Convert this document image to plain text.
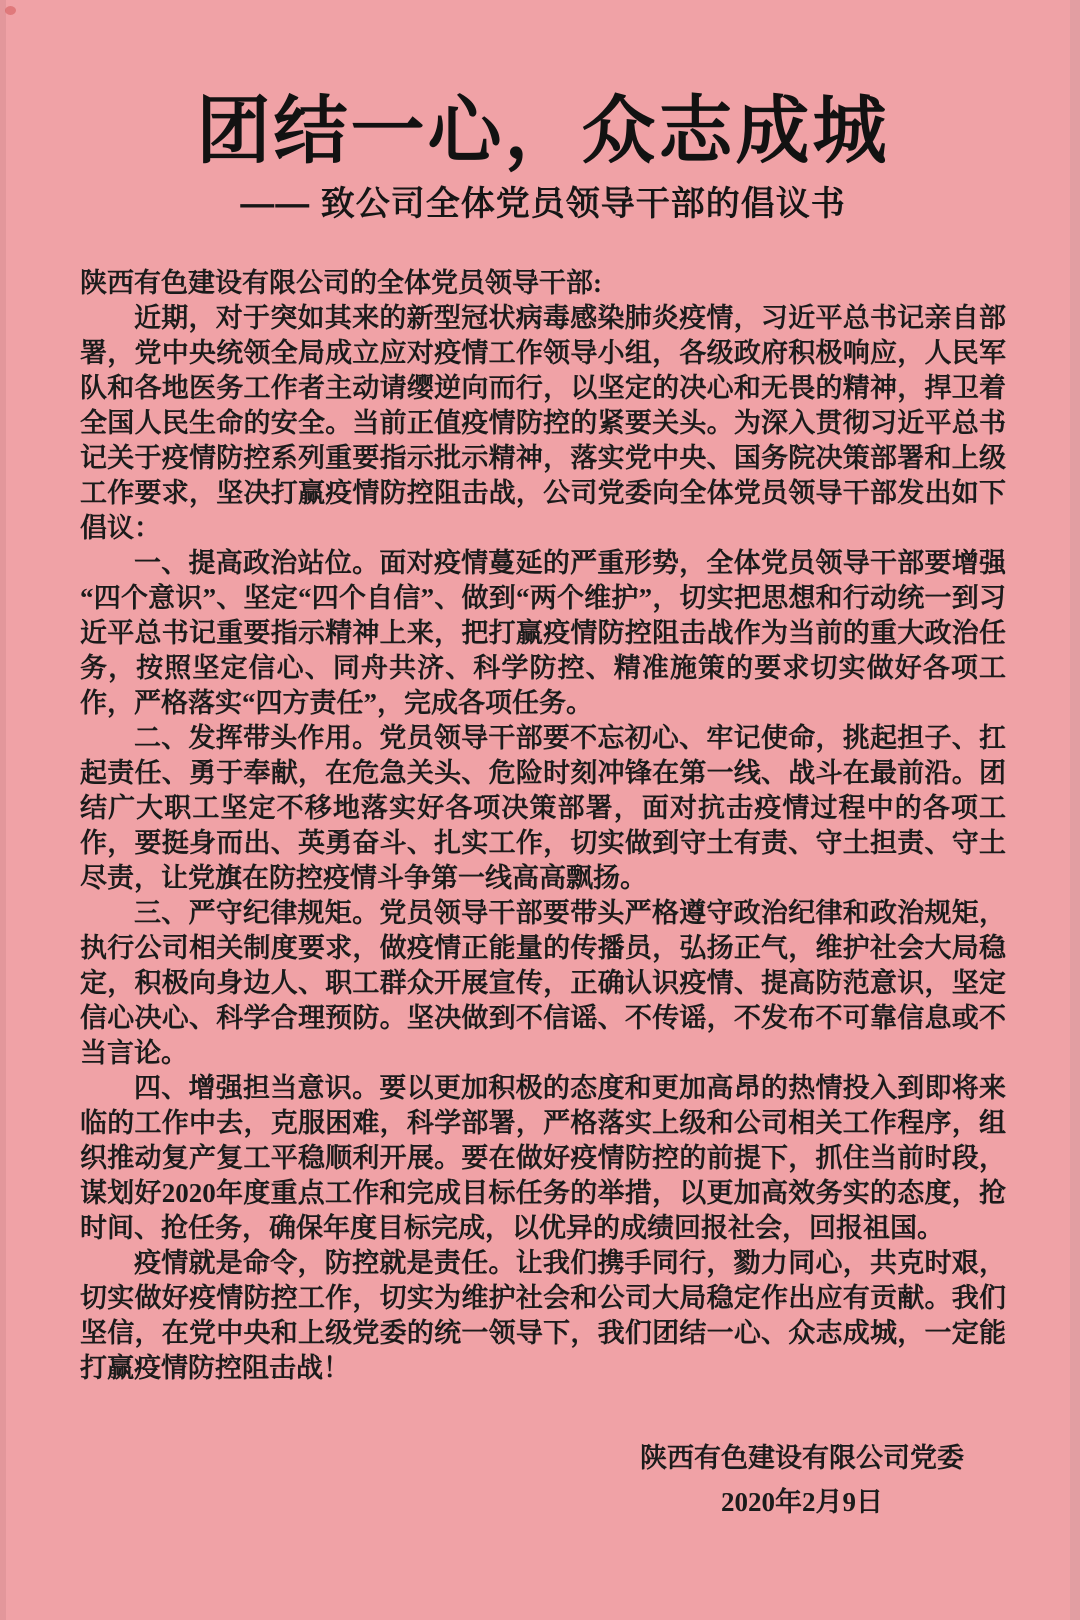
团结一心，众志成城
—— 致公司全体党员领导干部的倡议书

陕西有色建设有限公司的全体党员领导干部:

近期，对于突如其来的新型冠状病毒感染肺炎疫情，习近平总书记亲自部署，党中央统领全局成立应对疫情工作领导小组，各级政府积极响应，人民军队和各地医务工作者主动请缨逆向而行，以坚定的决心和无畏的精神，捍卫着全国人民生命的安全。当前正值疫情防控的紧要关头。为深入贯彻习近平总书记关于疫情防控系列重要指示批示精神，落实党中央、国务院决策部署和上级工作要求，坚决打赢疫情防控阻击战，公司党委向全体党员领导干部发出如下倡议：

一、提高政治站位。面对疫情蔓延的严重形势，全体党员领导干部要增强“四个意识”、坚定“四个自信”、做到“两个维护”，切实把思想和行动统一到习近平总书记重要指示精神上来，把打赢疫情防控阻击战作为当前的重大政治任务，按照坚定信心、同舟共济、科学防控、精准施策的要求切实做好各项工作，严格落实“四方责任”，完成各项任务。

二、发挥带头作用。党员领导干部要不忘初心、牢记使命，挑起担子、扛起责任、勇于奉献，在危急关头、危险时刻冲锋在第一线、战斗在最前沿。团结广大职工坚定不移地落实好各项决策部署，面对抗击疫情过程中的各项工作，要挺身而出、英勇奋斗、扎实工作，切实做到守土有责、守土担责、守土尽责，让党旗在防控疫情斗争第一线高高飘扬。

三、严守纪律规矩。党员领导干部要带头严格遵守政治纪律和政治规矩，执行公司相关制度要求，做疫情正能量的传播员，弘扬正气，维护社会大局稳定，积极向身边人、职工群众开展宣传，正确认识疫情、提高防范意识，坚定信心决心、科学合理预防。坚决做到不信谣、不传谣，不发布不可靠信息或不当言论。

四、增强担当意识。要以更加积极的态度和更加高昂的热情投入到即将来临的工作中去，克服困难，科学部署，严格落实上级和公司相关工作程序，组织推动复产复工平稳顺利开展。要在做好疫情防控的前提下，抓住当前时段，谋划好2020年度重点工作和完成目标任务的举措，以更加高效务实的态度，抢时间、抢任务，确保年度目标完成，以优异的成绩回报社会，回报祖国。

疫情就是命令，防控就是责任。让我们携手同行，勠力同心，共克时艰，切实做好疫情防控工作，切实为维护社会和公司大局稳定作出应有贡献。我们坚信，在党中央和上级党委的统一领导下，我们团结一心、众志成城，一定能打赢疫情防控阻击战！

陕西有色建设有限公司党委

2020年2月9日
